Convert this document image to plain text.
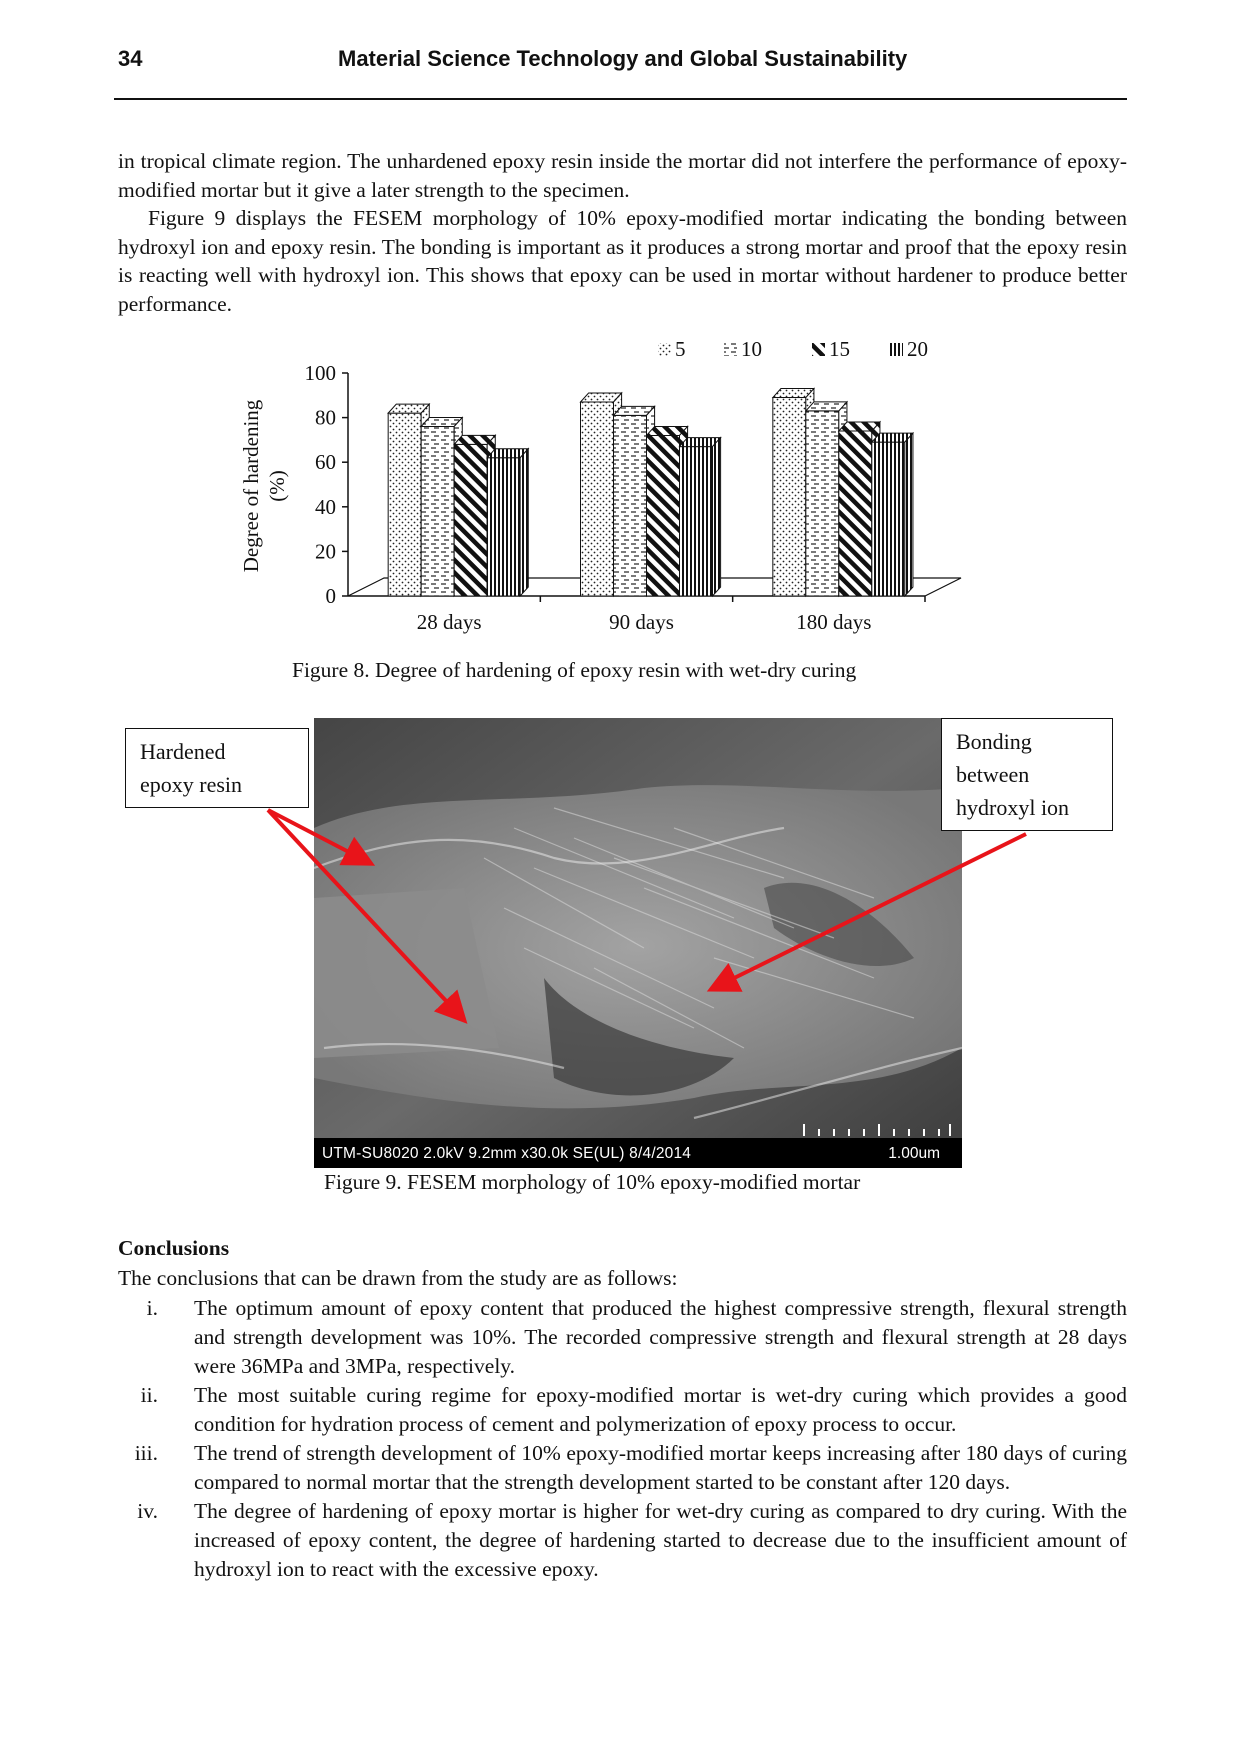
34	Material Science Technology and Global Sustainability

in tropical climate region. The unhardened epoxy resin inside the mortar did not interfere the performance of epoxy-modified mortar but it give a later strength to the specimen.

Figure 9 displays the FESEM morphology of 10% epoxy-modified mortar indicating the bonding between hydroxyl ion and epoxy resin. The bonding is important as it produces a strong mortar and proof that the epoxy resin is reacting well with hydroxyl ion. This shows that epoxy can be used in mortar without hardener to produce better performance.

0
20
40
60
80
100
Degree of hardening (%)
28 days	90 days	180 days
5	10	15	20
Figure 8. Degree of hardening of epoxy resin with wet-dry curing
UTM-SU8020 2.0kV 9.2mm x30.0k SE(UL) 8/4/2014	1.00um
Hardened
epoxy resin
Bonding
between
hydroxyl ion
Figure 9. FESEM morphology of 10% epoxy-modified mortar
Conclusions
The conclusions that can be drawn from the study are as follows:
i. The optimum amount of epoxy content that produced the highest compressive strength, flexural strength and strength development was 10%. The recorded compressive strength and flexural strength at 28 days were 36MPa and 3MPa, respectively.
ii. The most suitable curing regime for epoxy-modified mortar is wet-dry curing which provides a good condition for hydration process of cement and polymerization of epoxy process to occur.
iii. The trend of strength development of 10% epoxy-modified mortar keeps increasing after 180 days of curing compared to normal mortar that the strength development started to be constant after 120 days.
iv. The degree of hardening of epoxy mortar is higher for wet-dry curing as compared to dry curing. With the increased of epoxy content, the degree of hardening started to decrease due to the insufficient amount of hydroxyl ion to react with the excessive epoxy.
